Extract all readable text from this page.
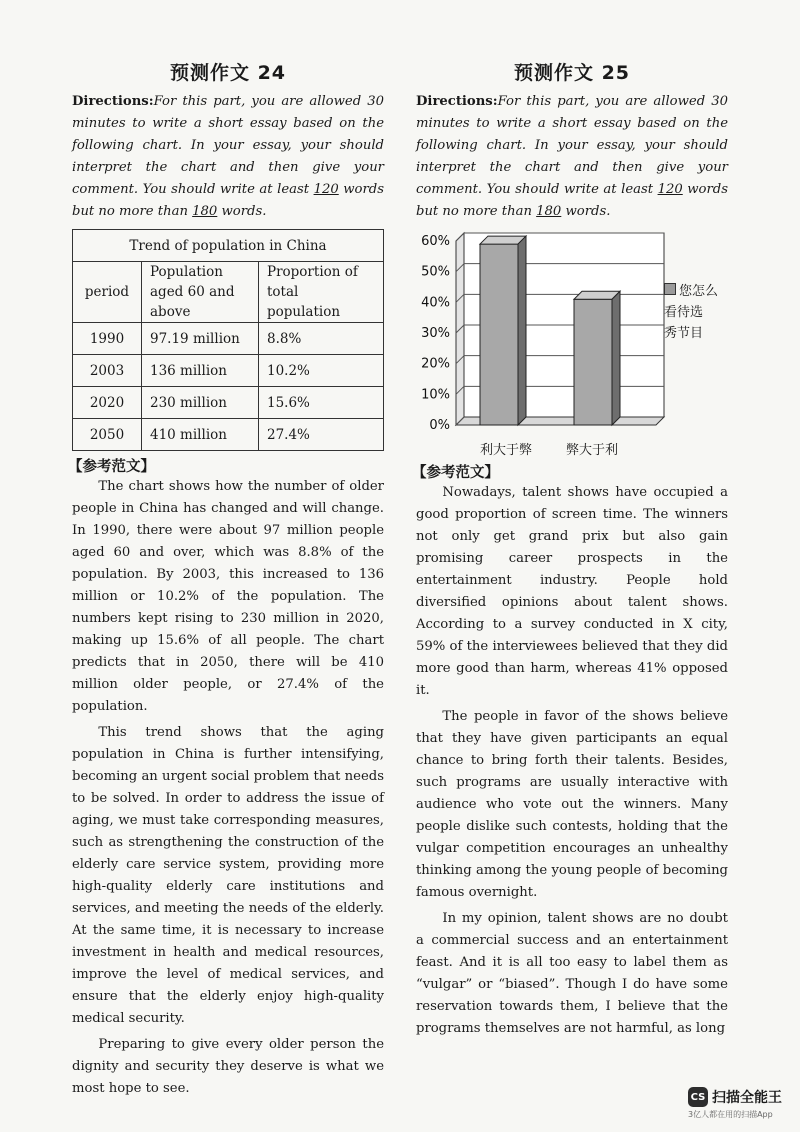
预测作文 24

Directions:For this part, you are allowed 30 minutes to write a short essay based on the following chart. In your essay, your should interpret the chart and then give your comment. You should write at least 120 words but no more than 180 words.

Trend of population in China		
period	Population aged 60 and above	Proportion of total population
1990	97.19 million	8.8%
2003	136 million	10.2%
2020	230 million	15.6%
2050	410 million	27.4%
【参考范文】

The chart shows how the number of older people in China has changed and will change. In 1990, there were about 97 million people aged 60 and over, which was 8.8% of the population. By 2003, this increased to 136 million or 10.2% of the population. The numbers kept rising to 230 million in 2020, making up 15.6% of all people. The chart predicts that in 2050, there will be 410 million older people, or 27.4% of the population.

This trend shows that the aging population in China is further intensifying, becoming an urgent social problem that needs to be solved. In order to address the issue of aging, we must take corresponding measures, such as strengthening the construction of the elderly care service system, providing more high-quality elderly care institutions and services, and meeting the needs of the elderly. At the same time, it is necessary to increase investment in health and medical resources, improve the level of medical services, and ensure that the elderly enjoy high-quality medical security.

Preparing to give every older person the dignity and security they deserve is what we most hope to see.

预测作文 25

Directions:For this part, you are allowed 30 minutes to write a short essay based on the following chart. In your essay, your should interpret the chart and then give your comment. You should write at least 120 words but no more than 180 words.

0%
10%
20%
30%
40%
50%
60%
您怎么
看待选
秀节目
利大于弊	弊大于利
【参考范文】

Nowadays, talent shows have occupied a good proportion of screen time. The winners not only get grand prix but also gain promising career prospects in the entertainment industry. People hold diversified opinions about talent shows. According to a survey conducted in X city, 59% of the interviewees believed that they did more good than harm, whereas 41% opposed it.

The people in favor of the shows believe that they have given participants an equal chance to bring forth their talents. Besides, such programs are usually interactive with audience who vote out the winners. Many people dislike such contests, holding that the vulgar competition encourages an unhealthy thinking among the young people of becoming famous overnight.

In my opinion, talent shows are no doubt a commercial success and an entertainment feast. And it is all too easy to label them as “vulgar” or “biased”. Though I do have some reservation towards them, I believe that the programs themselves are not harmful, as long

CS 扫描全能王
3亿人都在用的扫描App
